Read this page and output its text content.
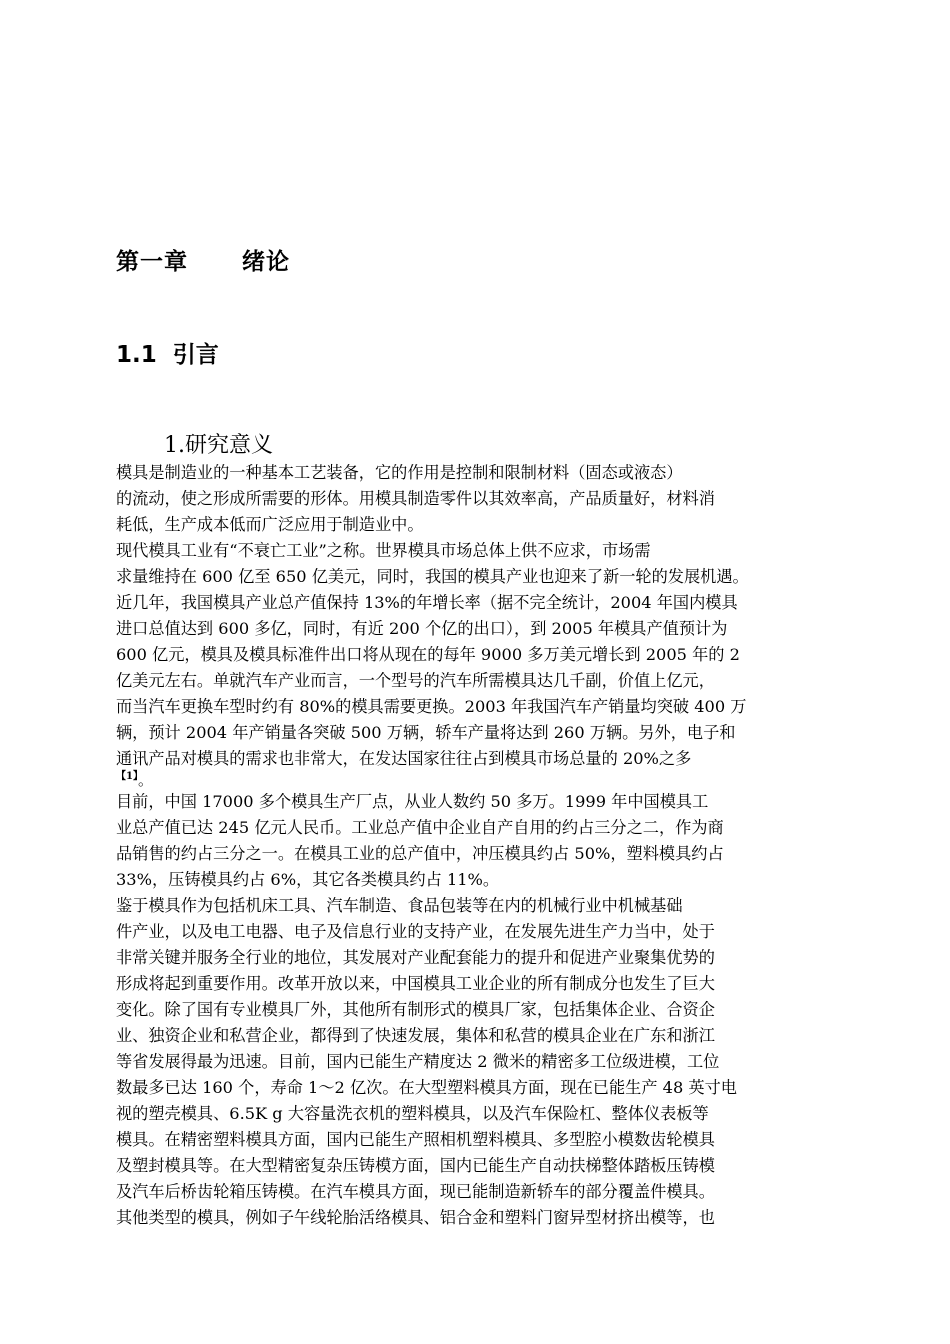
第一章      绪论
1.1  引言
1.研究意义
模具是制造业的一种基本工艺装备，它的作用是控制和限制材料（固态或液态）
的流动，使之形成所需要的形体。用模具制造零件以其效率高，产品质量好，材料消
耗低，生产成本低而广泛应用于制造业中。
现代模具工业有“不衰亡工业”之称。世界模具市场总体上供不应求，市场需
求量维持在 600 亿至 650 亿美元，同时，我国的模具产业也迎来了新一轮的发展机遇。
近几年，我国模具产业总产值保持 13%的年增长率（据不完全统计，2004 年国内模具
进口总值达到 600 多亿，同时，有近 200 个亿的出口），到 2005 年模具产值预计为
600 亿元，模具及模具标准件出口将从现在的每年 9000 多万美元增长到 2005 年的 2
亿美元左右。单就汽车产业而言，一个型号的汽车所需模具达几千副，价值上亿元，
而当汽车更换车型时约有 80%的模具需要更换。2003 年我国汽车产销量均突破 400 万
辆，预计 2004 年产销量各突破 500 万辆，轿车产量将达到 260 万辆。另外，电子和
通讯产品对模具的需求也非常大，在发达国家往往占到模具市场总量的 20%之多
$^{【1】}$。
目前，中国 17000 多个模具生产厂点，从业人数约 50 多万。1999 年中国模具工
业总产值已达 245 亿元人民币。工业总产值中企业自产自用的约占三分之二，作为商
品销售的约占三分之一。在模具工业的总产值中，冲压模具约占 50%，塑料模具约占
33%，压铸模具约占 6%，其它各类模具约占 11%。
鉴于模具作为包括机床工具、汽车制造、食品包装等在内的机械行业中机械基础
件产业，以及电工电器、电子及信息行业的支持产业，在发展先进生产力当中，处于
非常关键并服务全行业的地位，其发展对产业配套能力的提升和促进产业聚集优势的
形成将起到重要作用。改革开放以来，中国模具工业企业的所有制成分也发生了巨大
变化。除了国有专业模具厂外，其他所有制形式的模具厂家，包括集体企业、合资企
业、独资企业和私营企业，都得到了快速发展，集体和私营的模具企业在广东和浙江
等省发展得最为迅速。目前，国内已能生产精度达 2 微米的精密多工位级进模，工位
数最多已达 160 个，寿命 1～2 亿次。在大型塑料模具方面，现在已能生产 48 英寸电
视的塑壳模具、6.5K g 大容量洗衣机的塑料模具，以及汽车保险杠、整体仪表板等
模具。在精密塑料模具方面，国内已能生产照相机塑料模具、多型腔小模数齿轮模具
及塑封模具等。在大型精密复杂压铸模方面，国内已能生产自动扶梯整体踏板压铸模
及汽车后桥齿轮箱压铸模。在汽车模具方面，现已能制造新轿车的部分覆盖件模具。
其他类型的模具，例如子午线轮胎活络模具、铝合金和塑料门窗异型材挤出模等，也
